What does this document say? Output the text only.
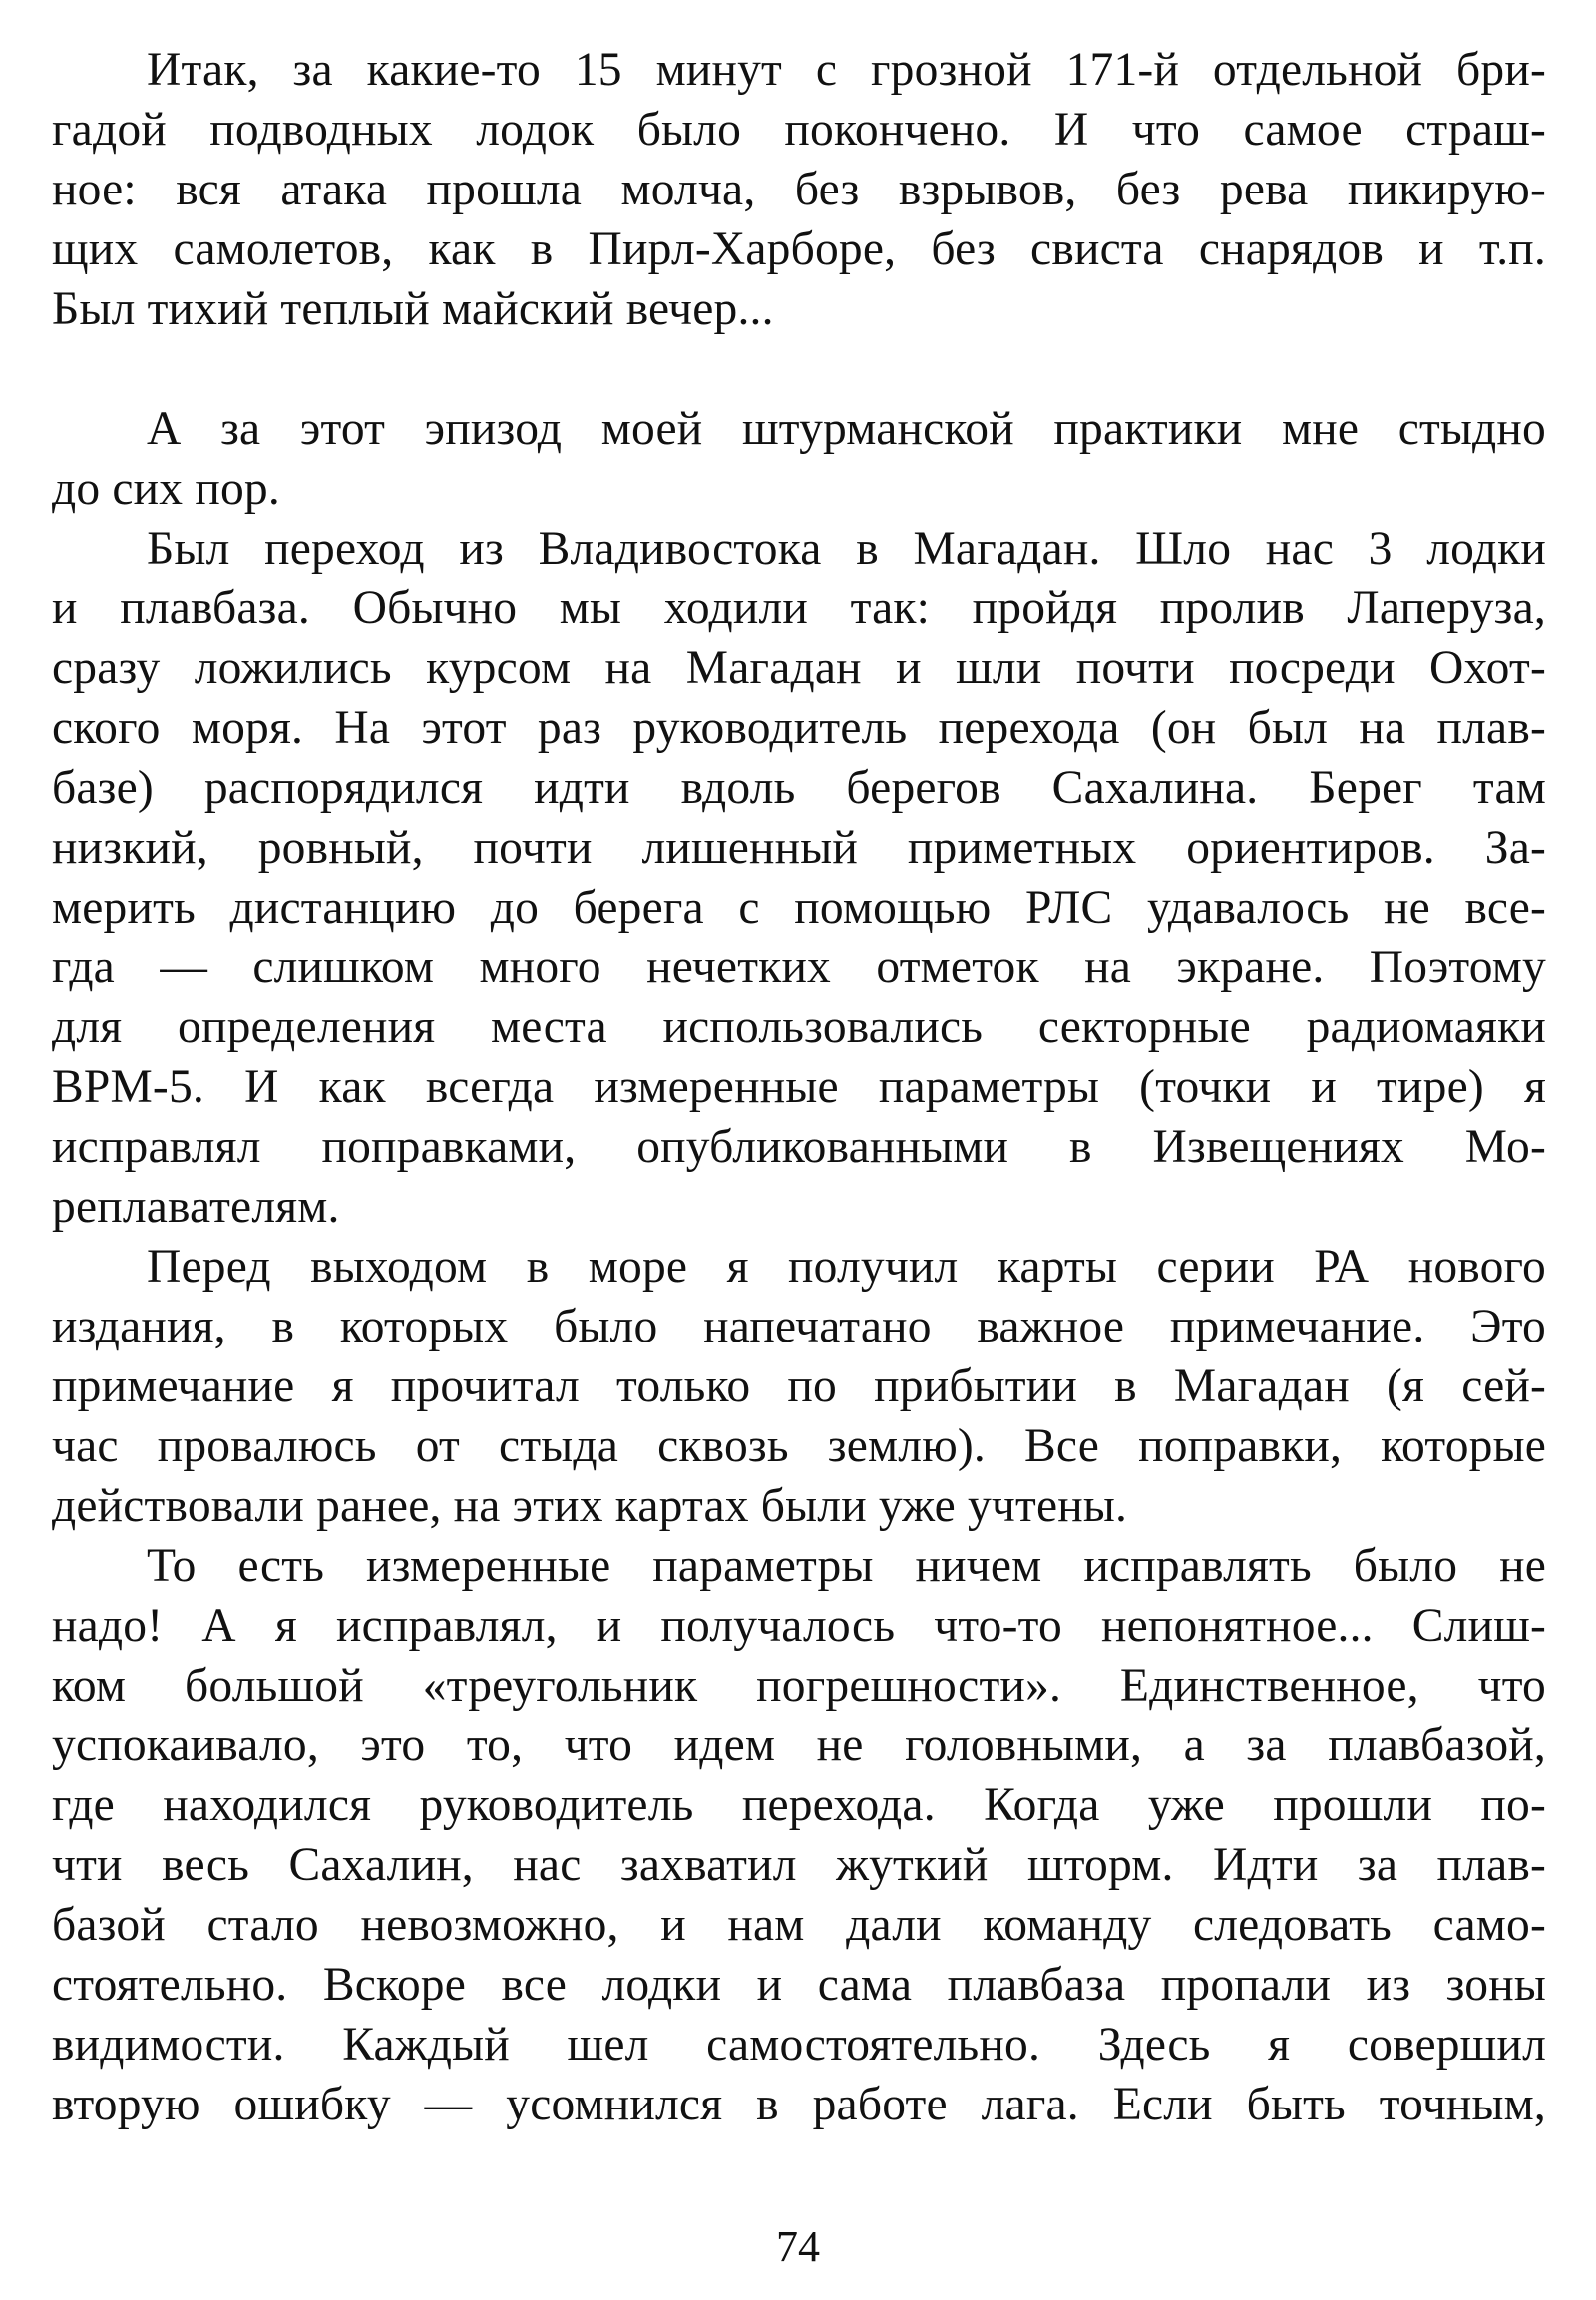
Итак, за какие-то 15 минут с грозной 171-й отдельной бри-
гадой подводных лодок было покончено. И что самое страш-
ное: вся атака прошла молча, без взрывов, без рева пикирую-
щих самолетов, как в Пирл-Харборе, без свиста снарядов и т.п.
Был тихий теплый майский вечер...
А за этот эпизод моей штурманской практики мне стыдно
до сих пор.
Был переход из Владивостока в Магадан. Шло нас 3 лодки
и плавбаза. Обычно мы ходили так: пройдя пролив Лаперуза,
сразу ложились курсом на Магадан и шли почти посреди Охот-
ского моря. На этот раз руководитель перехода (он был на плав-
базе) распорядился идти вдоль берегов Сахалина. Берег там
низкий, ровный, почти лишенный приметных ориентиров. За-
мерить дистанцию до берега с помощью РЛС удавалось не все-
гда — слишком много нечетких отметок на экране. Поэтому
для определения места использовались секторные радиомаяки
ВРМ-5. И как всегда измеренные параметры (точки и тире) я
исправлял поправками, опубликованными в Извещениях Мо-
реплавателям.
Перед выходом в море я получил карты серии РА нового
издания, в которых было напечатано важное примечание. Это
примечание я прочитал только по прибытии в Магадан (я сей-
час провалюсь от стыда сквозь землю). Все поправки, которые
действовали ранее, на этих картах были уже учтены.
То есть измеренные параметры ничем исправлять было не
надо! А я исправлял, и получалось что-то непонятное... Слиш-
ком большой «треугольник погрешности». Единственное, что
успокаивало, это то, что идем не головными, а за плавбазой,
где находился руководитель перехода. Когда уже прошли по-
чти весь Сахалин, нас захватил жуткий шторм. Идти за плав-
базой стало невозможно, и нам дали команду следовать само-
стоятельно. Вскоре все лодки и сама плавбаза пропали из зоны
видимости. Каждый шел самостоятельно. Здесь я совершил
вторую ошибку — усомнился в работе лага. Если быть точным,
74
